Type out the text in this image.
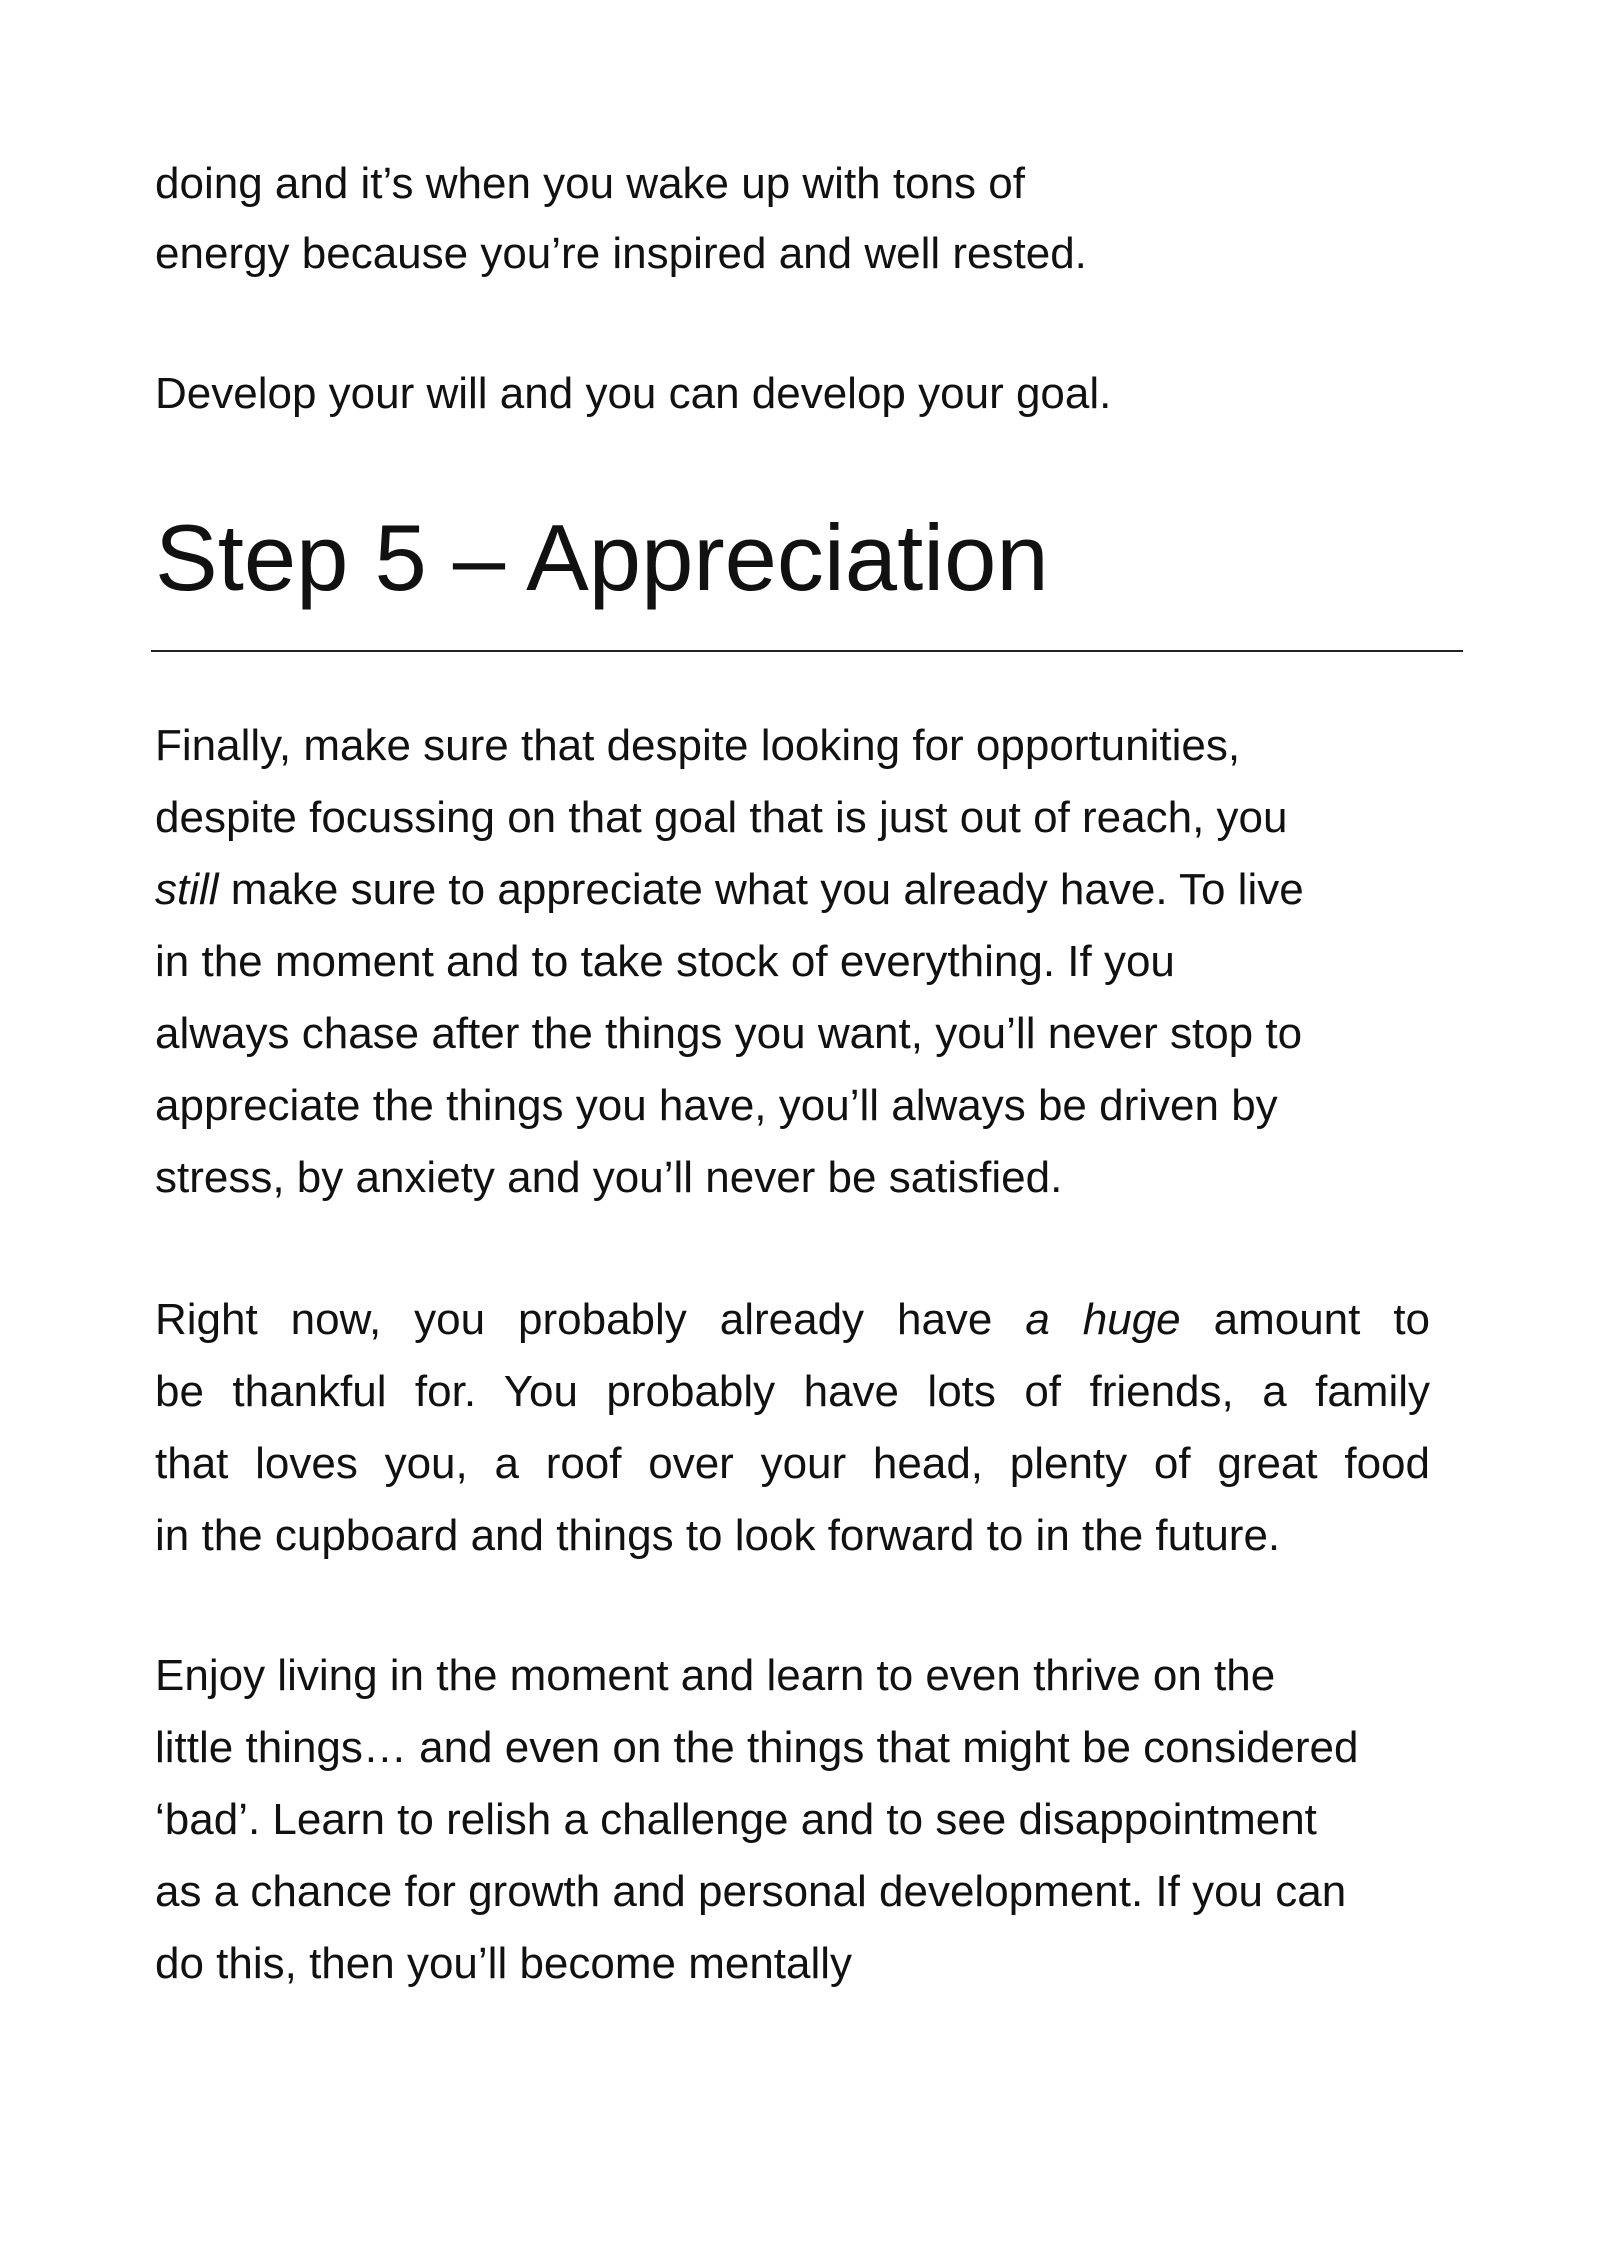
doing and it’s when you wake up with tons of
energy because you’re inspired and well rested.
Develop your will and you can develop your goal.
Step 5 – Appreciation
Finally, make sure that despite looking for opportunities,
despite focussing on that goal that is just out of reach, you
still make sure to appreciate what you already have. To live
in the moment and to take stock of everything. If you
always chase after the things you want, you’ll never stop to
appreciate the things you have, you’ll always be driven by
stress, by anxiety and you’ll never be satisfied.
Right now, you probably already have a huge amount to
be thankful for. You probably have lots of friends, a family
that loves you, a roof over your head, plenty of great food
in the cupboard and things to look forward to in the future.
Enjoy living in the moment and learn to even thrive on the
little things… and even on the things that might be considered
‘bad’. Learn to relish a challenge and to see disappointment
as a chance for growth and personal development. If you can
do this, then you’ll become mentally
